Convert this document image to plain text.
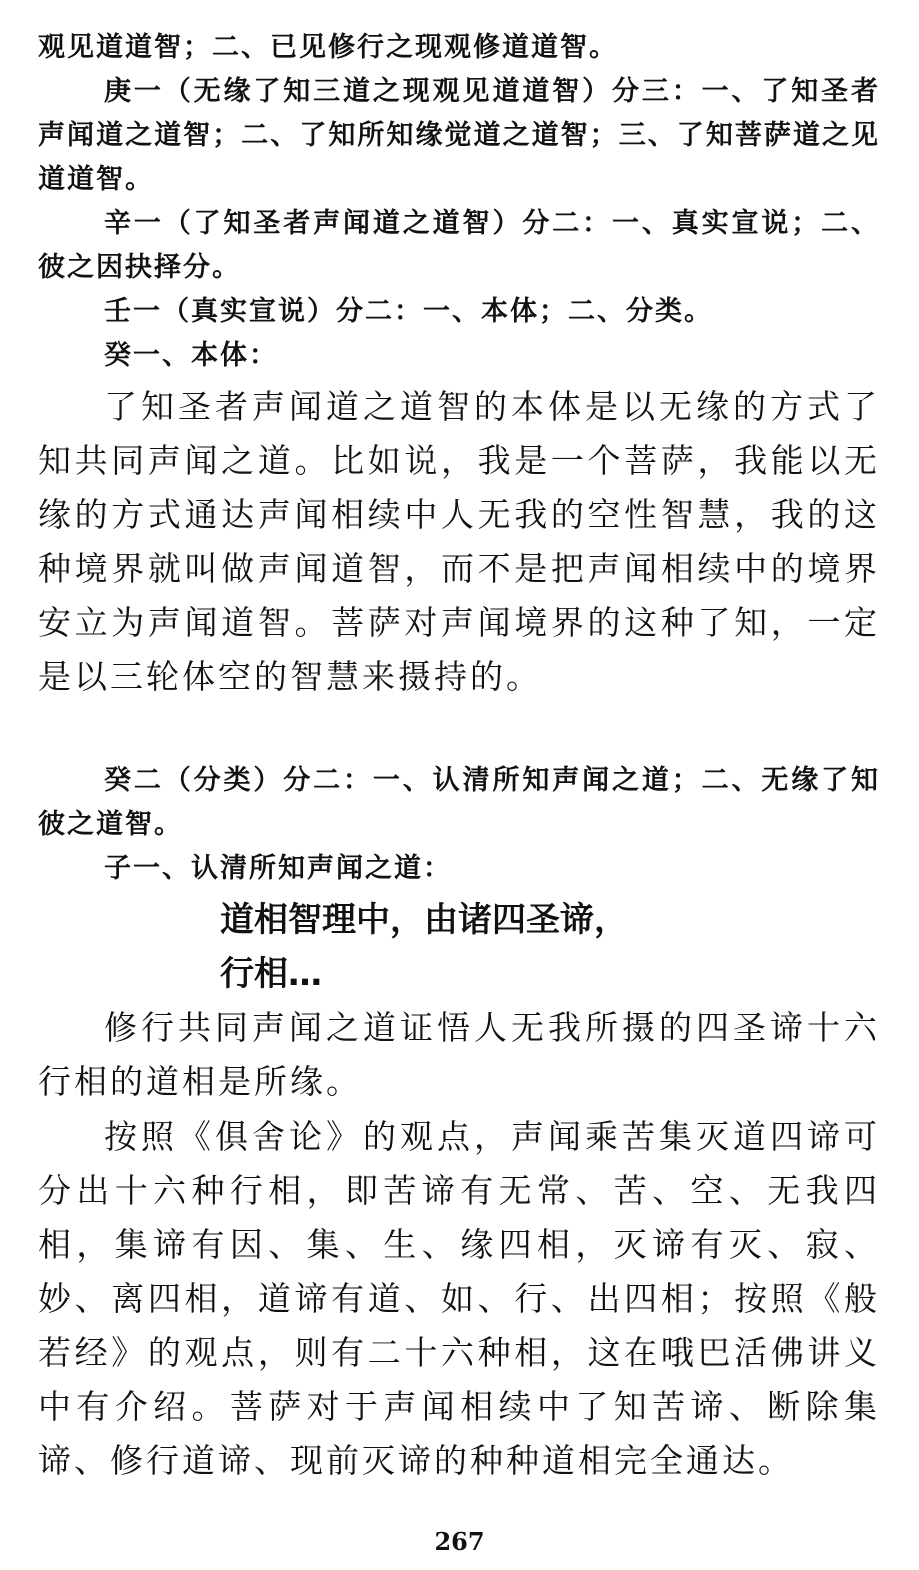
观见道道智；二、已见修行之现观修道道智。

庚一（无缘了知三道之现观见道道智）分三：一、了知圣者声闻道之道智；二、了知所知缘觉道之道智；三、了知菩萨道之见道道智。

辛一（了知圣者声闻道之道智）分二：一、真实宣说；二、彼之因抉择分。

壬一（真实宣说）分二：一、本体；二、分类。

癸一、本体：

了知圣者声闻道之道智的本体是以无缘的方式了知共同声闻之道。比如说，我是一个菩萨，我能以无缘的方式通达声闻相续中人无我的空性智慧，我的这种境界就叫做声闻道智，而不是把声闻相续中的境界安立为声闻道智。菩萨对声闻境界的这种了知，一定是以三轮体空的智慧来摄持的。

癸二（分类）分二：一、认清所知声闻之道；二、无缘了知彼之道智。

子一、认清所知声闻之道：

道相智理中，由诸四圣谛，
行相…

修行共同声闻之道证悟人无我所摄的四圣谛十六行相的道相是所缘。

按照《俱舍论》的观点，声闻乘苦集灭道四谛可分出十六种行相，即苦谛有无常、苦、空、无我四相，集谛有因、集、生、缘四相，灭谛有灭、寂、妙、离四相，道谛有道、如、行、出四相；按照《般若经》的观点，则有二十六种相，这在哦巴活佛讲义中有介绍。菩萨对于声闻相续中了知苦谛、断除集谛、修行道谛、现前灭谛的种种道相完全通达。

267
